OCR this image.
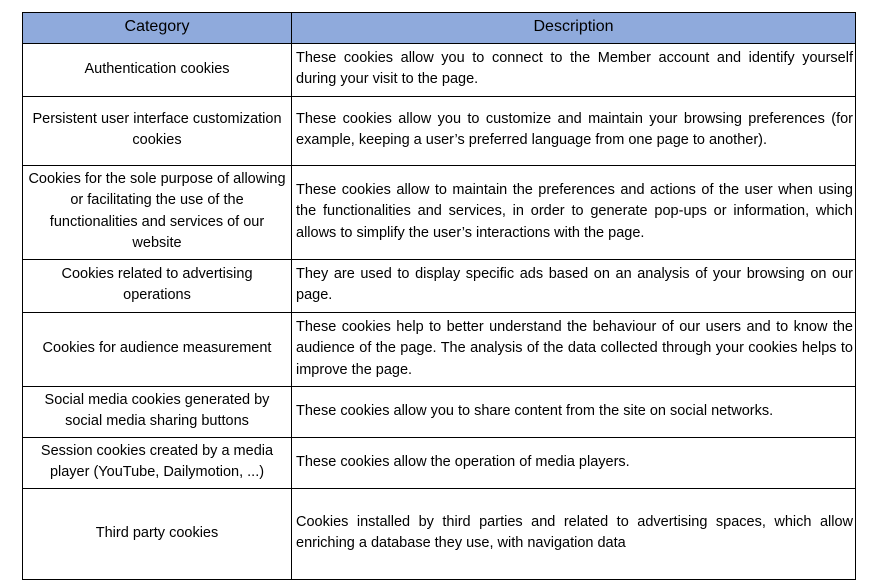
Category	Description
Authentication cookies	These cookies allow you to connect to the Member account and identify yourself during your visit to the page.
Persistent user interface customization cookies	These cookies allow you to customize and maintain your browsing preferences (for example, keeping a user’s preferred language from one page to another).
Cookies for the sole purpose of allowing or facilitating the use of the functionalities and services of our website	These cookies allow to maintain the preferences and actions of the user when using the functionalities and services, in order to generate pop-ups or information, which allows to simplify the user’s interactions with the page.
Cookies related to advertising operations	They are used to display specific ads based on an analysis of your browsing on our page.
Cookies for audience measurement	These cookies help to better understand the behaviour of our users and to know the audience of the page. The analysis of the data collected through your cookies helps to improve the page.
Social media cookies generated by social media sharing buttons	These cookies allow you to share content from the site on social networks.
Session cookies created by a media player (YouTube, Dailymotion, ...)	These cookies allow the operation of media players.
Third party cookies	Cookies installed by third parties and related to advertising spaces, which allow enriching a database they use, with navigation data
